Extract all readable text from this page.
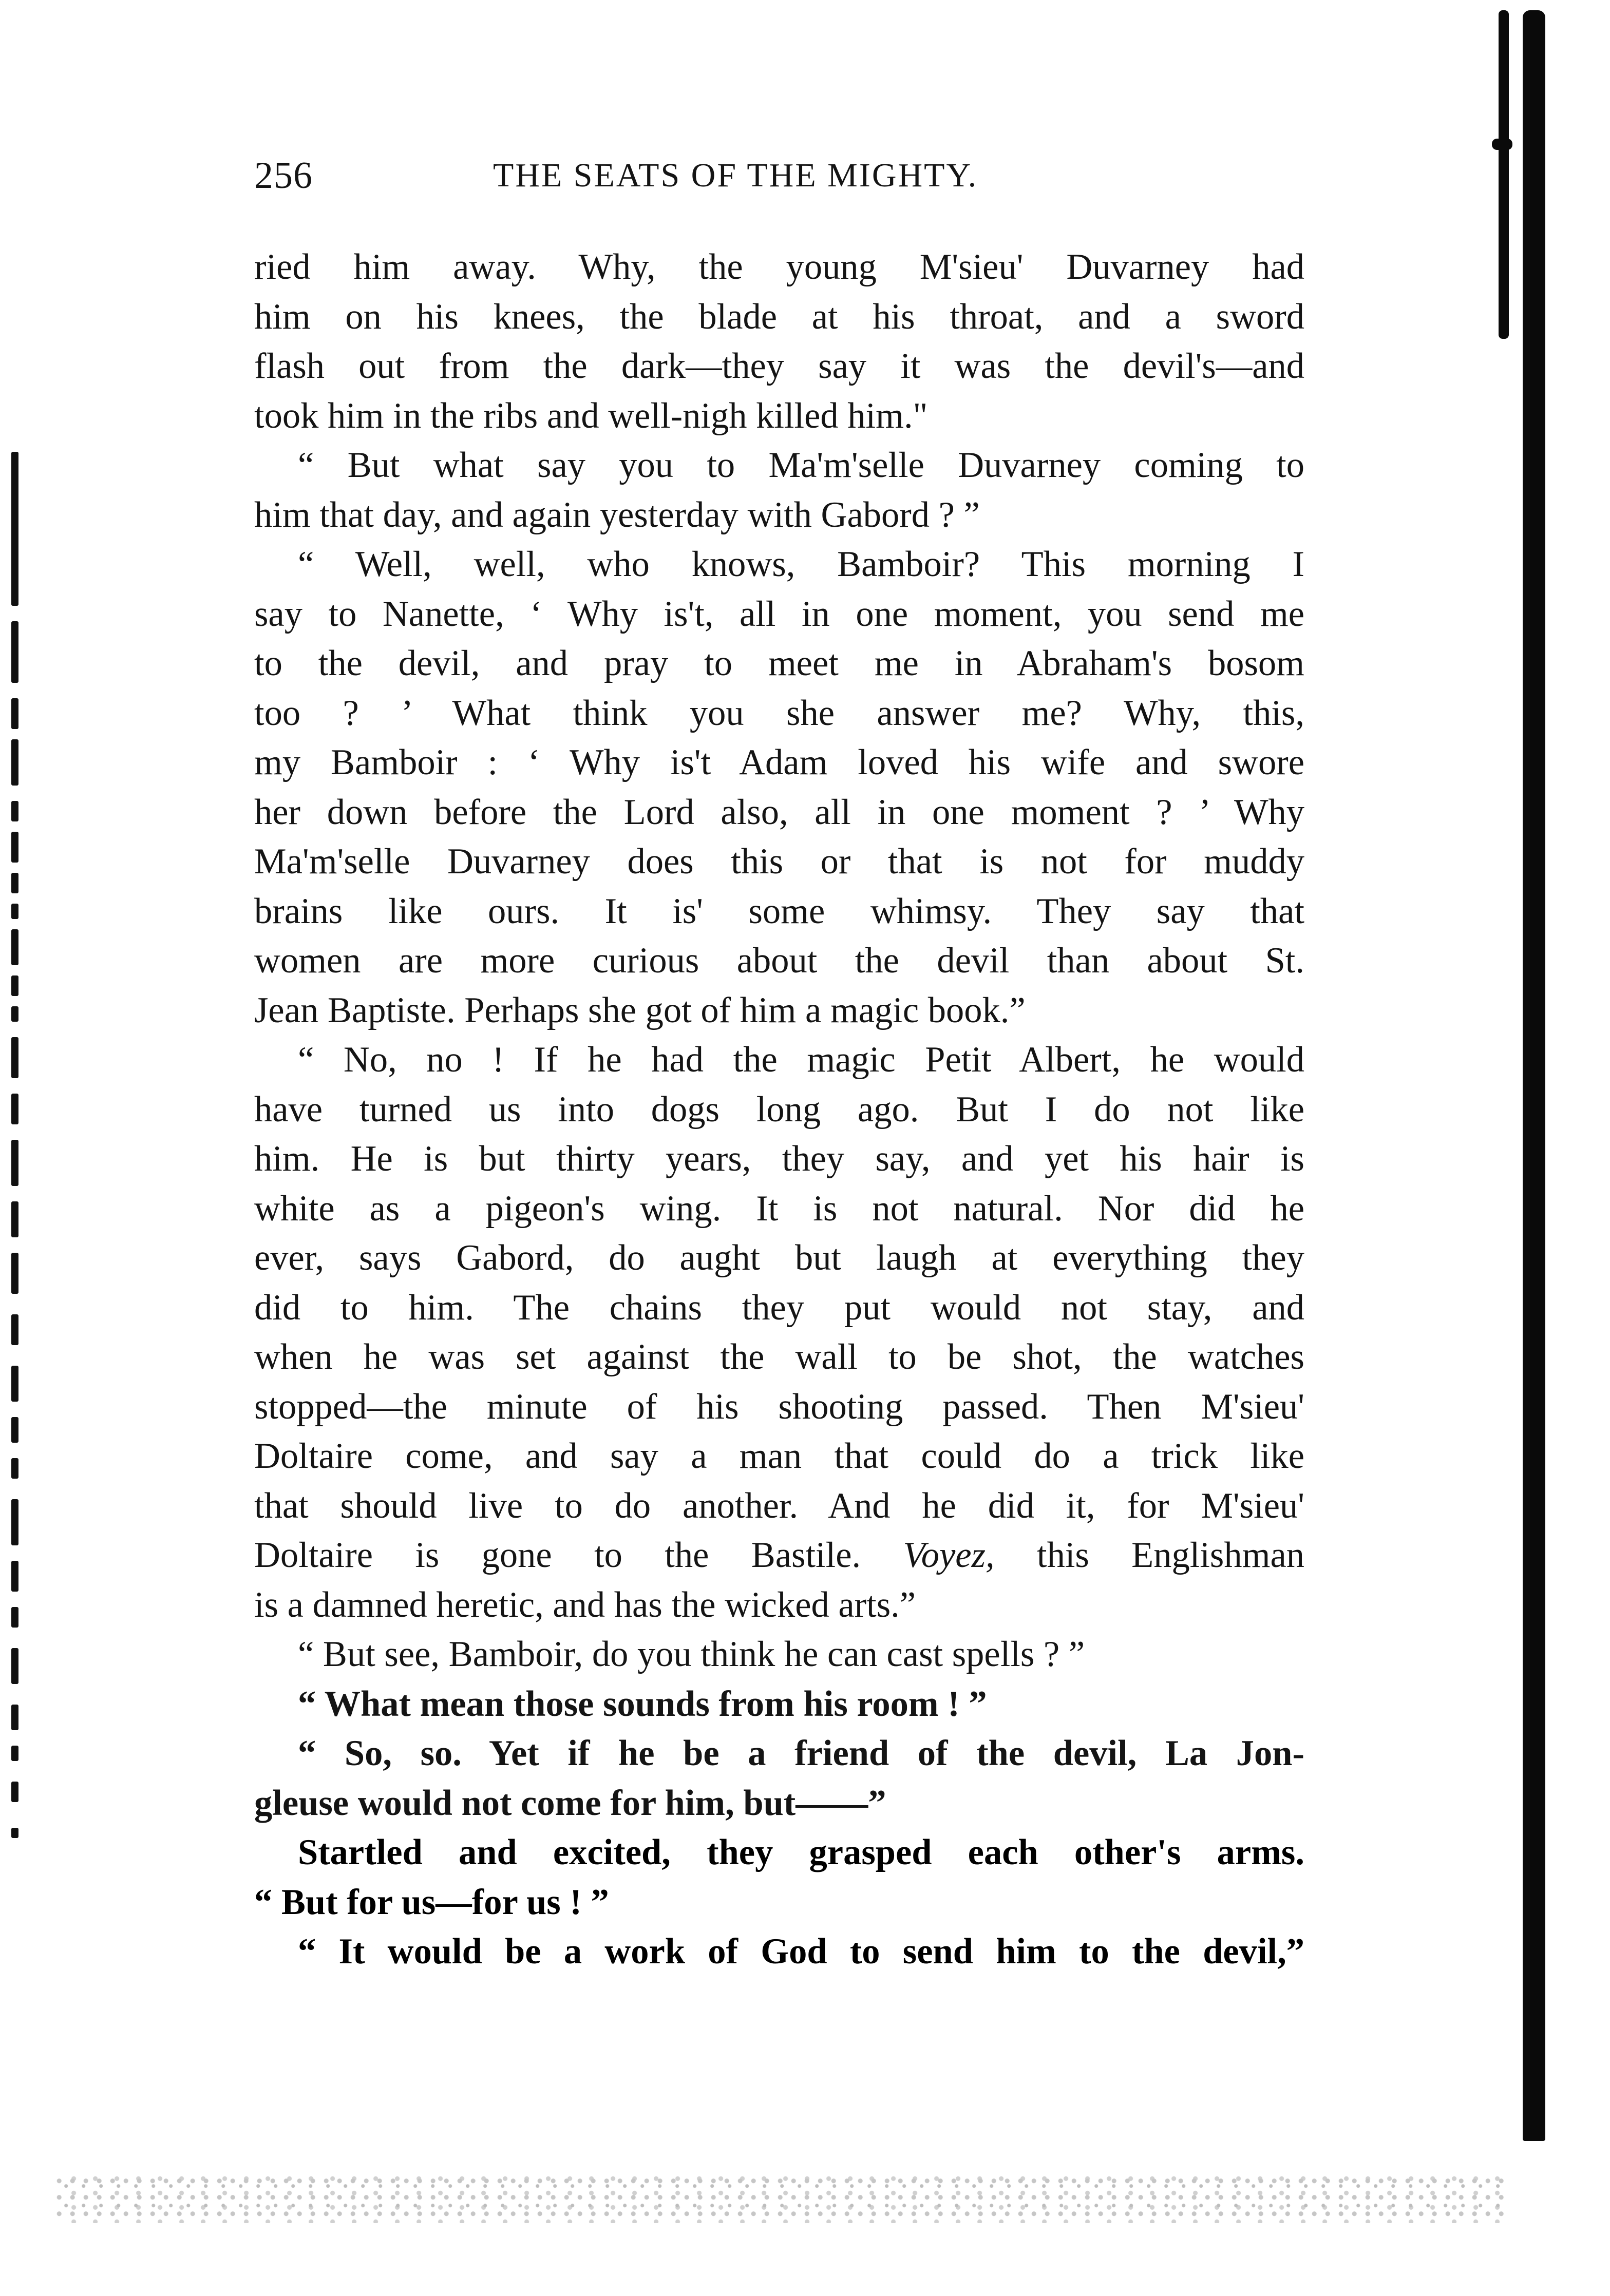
256	THE SEATS OF THE MIGHTY.
ried him away. Why, the young M'sieu' Duvarney had
him on his knees, the blade at his throat, and a sword
flash out from the dark—they say it was the devil's—and
took him in the ribs and well-nigh killed him."
“ But what say you to Ma'm'selle Duvarney coming to
him that day, and again yesterday with Gabord ? ”
“ Well, well, who knows, Bamboir? This morning I
say to Nanette, ‘ Why is't, all in one moment, you send me
to the devil, and pray to meet me in Abraham's bosom
too ? ’ What think you she answer me? Why, this,
my Bamboir : ‘ Why is't Adam loved his wife and swore
her down before the Lord also, all in one moment ? ’ Why
Ma'm'selle Duvarney does this or that is not for muddy
brains like ours. It is' some whimsy. They say that
women are more curious about the devil than about St.
Jean Baptiste. Perhaps she got of him a magic book.”
“ No, no ! If he had the magic Petit Albert, he would
have turned us into dogs long ago. But I do not like
him. He is but thirty years, they say, and yet his hair is
white as a pigeon's wing. It is not natural. Nor did he
ever, says Gabord, do aught but laugh at everything they
did to him. The chains they put would not stay, and
when he was set against the wall to be shot, the watches
stopped—the minute of his shooting passed. Then M'sieu'
Doltaire come, and say a man that could do a trick like
that should live to do another. And he did it, for M'sieu'
Doltaire is gone to the Bastile. Voyez, this Englishman
is a damned heretic, and has the wicked arts.”
“ But see, Bamboir, do you think he can cast spells ? ”
“ What mean those sounds from his room ! ”
“ So, so. Yet if he be a friend of the devil, La Jon-
gleuse would not come for him, but——”
Startled and excited, they grasped each other's arms.
“ But for us—for us ! ”
“ It would be a work of God to send him to the devil,”
